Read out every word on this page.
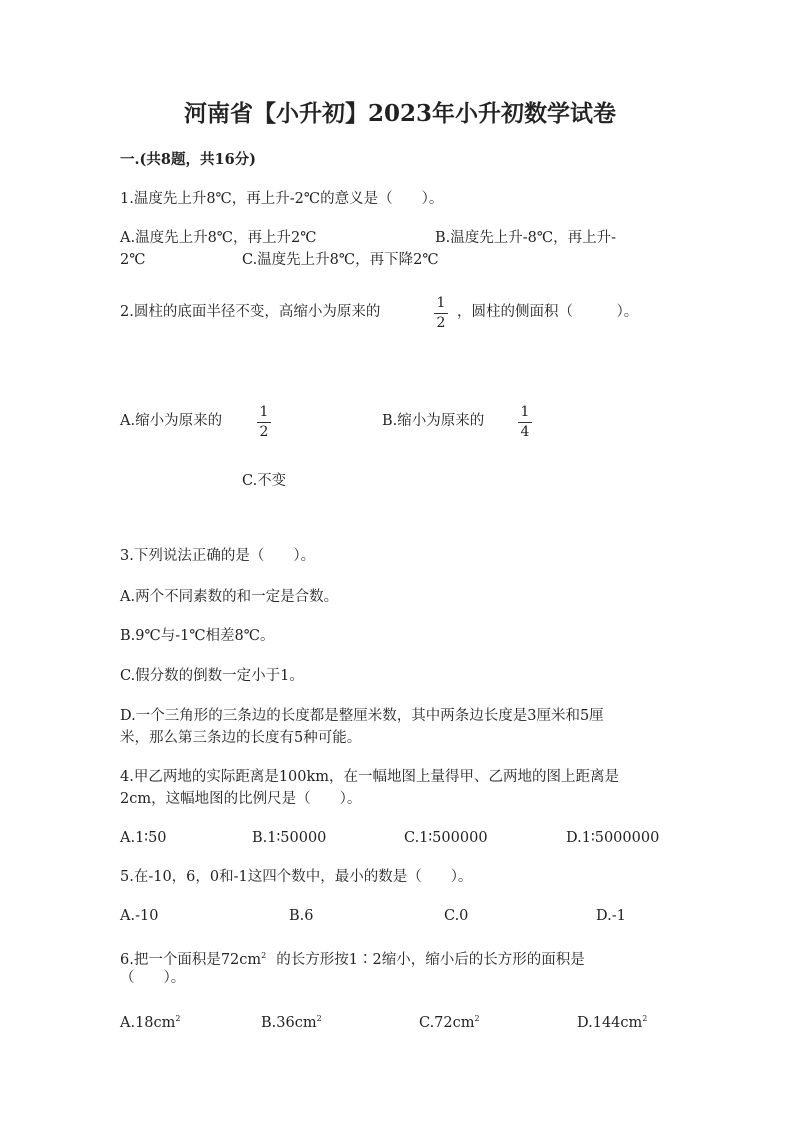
河南省【小升初】2023年小升初数学试卷
一.(共8题，共16分)
1.温度先上升8℃，再上升-2℃的意义是（　　）。
A.温度先上升8℃，再上升2℃	B.温度先上升-8℃，再上升-
2℃	C.温度先上升8℃，再下降2℃
2.圆柱的底面半径不变，高缩小为原来的
1
2
，圆柱的侧面积（　　　）。
A.缩小为原来的
1
2
B.缩小为原来的
1
4
C.不变
3.下列说法正确的是（　　）。
A.两个不同素数的和一定是合数。
B.9℃与-1℃相差8℃。
C.假分数的倒数一定小于1。
D.一个三角形的三条边的长度都是整厘米数，其中两条边长度是3厘米和5厘
米，那么第三条边的长度有5种可能。
4.甲乙两地的实际距离是100km，在一幅地图上量得甲、乙两地的图上距离是
2cm，这幅地图的比例尺是（　　）。
A.1∶50	B.1∶50000	C.1∶500000	D.1∶5000000
5.在-10，6，0和-1这四个数中，最小的数是（　　）。
A.-10	B.6	C.0	D.-1
6.把一个面积是$72cm^2$ 的长方形按1∶2缩小，缩小后的长方形的面积是
（　　）。
$A.18cm^2$	$B.36cm^2$	$C.72cm^2$	$D.144cm^2$
